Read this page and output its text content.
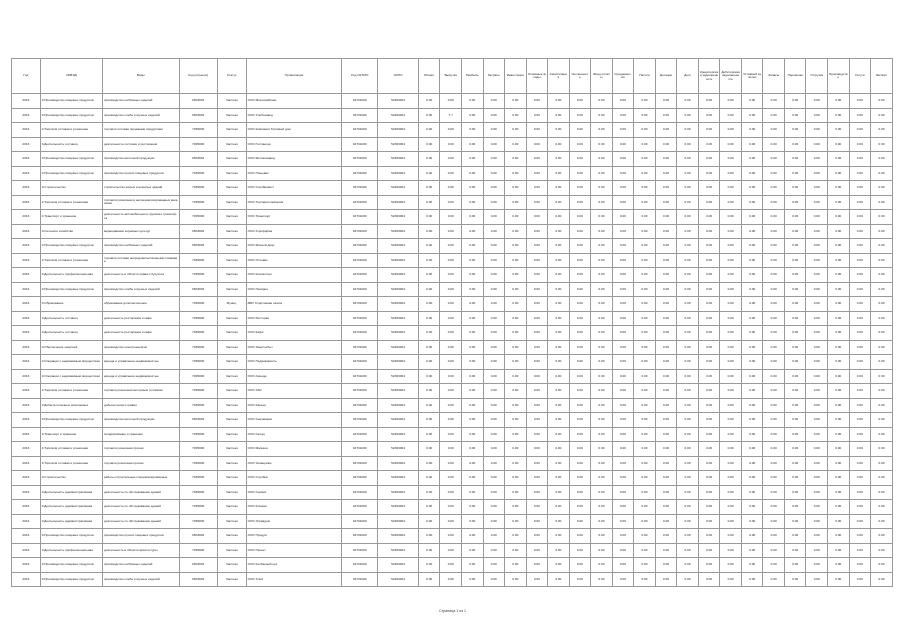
Год	ОКВЭД	Виды	Код (отрасли)	Статус	Организация	Код ОКТМО	ОКПО	Оборот	Выручка	Прибыль	Затраты	Инвестиции	Основные фонды	Амортизация	Численность	Фонд оплаты	Среднемес. з/п	Налоги	Дотации	Долг	Кредиторская задолженность	Дебиторская задолженность	Уставный капитал	Запасы	Перевозки	Отгрузка	Производство	Услуги	Экспорт
2016	0.Производство пищевых продуктов	производство колбасных изделий	0503002	Частная	ООО Мясокомбинат	04701000	52303004	0.00	0.00	0.00	0.00	0.00	0.00	0.00	0.00	0.00	0.00	0.00	0.00	0.00	0.00	0.00	0.00	0.00	0.00	0.00	0.00	0.00	0.00
2016	0.Производство пищевых продуктов	производство хлеба и мучных изделий	0503002	Частная	ООО Хлебозавод	04701000	52303004	0.00	7.7	0.00	0.00	0.00	0.00	0.00	0.00	0.00	0.00	0.00	0.00	0.00	0.00	0.00	0.00	0.00	0.00	0.00	0.00	0.00	0.00
2016	0.Торговля оптовая и розничная	торговля оптовая пищевыми продуктами	7035000	Частная	ООО Компания Торговый дом	04701000	52303004	0.00	0.00	0.00	0.00	0.00	0.00	0.00	0.00	0.00	0.00	0.00	0.00	0.00	0.00	0.00	0.00	0.00	0.00	0.00	0.00	0.00	0.00
2016	0.Деятельность гостиниц	деятельность гостиниц и ресторанов	7035000	Частная	ООО Гостиница	04701000	52303004	0.00	0.00	0.00	0.00	0.00	0.00	0.00	0.00	0.00	0.00	0.00	0.00	0.00	0.00	0.00	0.00	0.00	0.00	0.00	0.00	0.00	0.00
2016	0.Производство пищевых продуктов	производство молочной продукции	0503002	Частная	ООО Молокозавод	04701000	52303004	0.00	0.00	0.00	0.00	0.00	0.00	0.00	0.00	0.00	0.00	0.00	0.00	0.00	0.00	0.00	0.00	0.00	0.00	0.00	0.00	0.00	0.00
2016	0.Производство пищевых продуктов	производство прочих пищевых продуктов	7035000	Частная	ООО Пищевик	04701000	52303004	0.00	0.00	0.00	0.00	0.00	0.00	0.00	0.00	0.00	0.00	0.00	0.00	0.00	0.00	0.00	0.00	0.00	0.00	0.00	0.00	0.00	0.00
2016	0.Строительство	строительство жилых и нежилых зданий	7035000	Частная	ООО Стройинвест	04701000	52303004	0.00	0.00	0.00	0.00	0.00	0.00	0.00	0.00	0.00	0.00	0.00	0.00	0.00	0.00	0.00	0.00	0.00	0.00	0.00	0.00	0.00	0.00
2016	0.Торговля оптовая и розничная	торговля розничная в неспециализированных магазинах	7035000	Частная	ООО Торговая компания	04701000	52303004	0.00	0.00	0.00	0.00	0.00	0.00	0.00	0.00	0.00	0.00	0.00	0.00	0.00	0.00	0.00	0.00	0.00	0.00	0.00	0.00	0.00	0.00
2016	0.Транспорт и хранение	деятельность автомобильного грузового транспорта	7035000	Частная	ООО Транспорт	04701000	52303004	0.00	0.00	0.00	0.00	0.00	0.00	0.00	0.00	0.00	0.00	0.00	0.00	0.00	0.00	0.00	0.00	0.00	0.00	0.00	0.00	0.00	0.00
2016	0.Сельское хозяйство	выращивание зерновых культур	0503002	Частная	ООО Агрофирма	04701000	52303004	0.00	0.00	0.00	0.00	0.00	0.00	0.00	0.00	0.00	0.00	0.00	0.00	0.00	0.00	0.00	0.00	0.00	0.00	0.00	0.00	0.00	0.00
2016	0.Производство пищевых продуктов	производство колбасных изделий	0503002	Частная	ООО Мясной двор	04701000	52303004	0.00	0.00	0.00	0.00	0.00	0.00	0.00	0.00	0.00	0.00	0.00	0.00	0.00	0.00	0.00	0.00	0.00	0.00	0.00	0.00	0.00	0.00
2016	0.Торговля оптовая и розничная	торговля оптовая непродовольственными товарами	7035000	Частная	ООО Оптовик	04701000	52303004	0.00	0.00	0.00	0.00	0.00	0.00	0.00	0.00	0.00	0.00	0.00	0.00	0.00	0.00	0.00	0.00	0.00	0.00	0.00	0.00	0.00	0.00
2016	0.Деятельность профессиональная	деятельность в области права и бухучета	7035000	Частная	ООО Консалтинг	04701000	52303004	0.00	0.00	0.00	0.00	0.00	0.00	0.00	0.00	0.00	0.00	0.00	0.00	0.00	0.00	0.00	0.00	0.00	0.00	0.00	0.00	0.00	0.00
2016	0.Производство пищевых продуктов	производство хлеба и мучных изделий	0503002	Частная	ООО Пекарня	04701000	52303004	0.00	0.00	0.00	0.00	0.00	0.00	0.00	0.00	0.00	0.00	0.00	0.00	0.00	0.00	0.00	0.00	0.00	0.00	0.00	0.00	0.00	0.00
2016	0.Образование	образование дополнительное	7035000	Муниц.	МБУ Спортивная школа	04701000	52303004	0.00	0.00	0.00	0.00	0.00	0.00	0.00	0.00	0.00	0.00	0.00	0.00	0.00	0.00	0.00	0.00	0.00	0.00	0.00	0.00	0.00	0.00
2016	0.Деятельность гостиниц	деятельность ресторанов и кафе	7035000	Частная	ООО Ресторан	04701000	52303004	0.00	0.00	0.00	0.00	0.00	0.00	0.00	0.00	0.00	0.00	0.00	0.00	0.00	0.00	0.00	0.00	0.00	0.00	0.00	0.00	0.00	0.00
2016	0.Деятельность гостиниц	деятельность ресторанов и кафе	7035000	Частная	ООО Кафе	04701000	52303004	0.00	0.00	0.00	0.00	0.00	0.00	0.00	0.00	0.00	0.00	0.00	0.00	0.00	0.00	0.00	0.00	0.00	0.00	0.00	0.00	0.00	0.00
2016	0.Обеспечение энергией	производство электроэнергии	7035000	Частная	ООО Энергосбыт	04701000	52303004	0.00	0.00	0.00	0.00	0.00	0.00	0.00	0.00	0.00	0.00	0.00	0.00	0.00	0.00	0.00	0.00	0.00	0.00	0.00	0.00	0.00	0.00
2016	0.Операции с недвижимым имуществом	аренда и управление недвижимостью	7035000	Частная	ООО Недвижимость	04701000	52303004	0.00	0.00	0.00	0.00	0.00	0.00	0.00	0.00	0.00	0.00	0.00	0.00	0.00	0.00	0.00	0.00	0.00	0.00	0.00	0.00	0.00	0.00
2016	0.Операции с недвижимым имуществом	аренда и управление недвижимостью	7035000	Частная	ООО Аренда	04701000	52303004	0.00	0.00	0.00	0.00	0.00	0.00	0.00	0.00	0.00	0.00	0.00	0.00	0.00	0.00	0.00	0.00	0.00	0.00	0.00	0.00	0.00	0.00
2016	0.Торговля оптовая и розничная	торговля розничная моторным топливом	7035000	Частная	ООО АЗС	04701000	52303004	0.00	0.00	0.00	0.00	0.00	0.00	0.00	0.00	0.00	0.00	0.00	0.00	0.00	0.00	0.00	0.00	0.00	0.00	0.00	0.00	0.00	0.00
2016	0.Добыча полезных ископаемых	добыча песка и гравия	7035000	Частная	ООО Карьер	04701000	52303004	0.00	0.00	0.00	0.00	0.00	0.00	0.00	0.00	0.00	0.00	0.00	0.00	0.00	0.00	0.00	0.00	0.00	0.00	0.00	0.00	0.00	0.00
2016	0.Производство пищевых продуктов	производство молочной продукции	0503002	Частная	ООО Сыроварня	04701000	52303004	0.00	0.00	0.00	0.00	0.00	0.00	0.00	0.00	0.00	0.00	0.00	0.00	0.00	0.00	0.00	0.00	0.00	0.00	0.00	0.00	0.00	0.00
2016	0.Транспорт и хранение	складирование и хранение	7035000	Частная	ООО Склад	04701000	52303004	0.00	0.00	0.00	0.00	0.00	0.00	0.00	0.00	0.00	0.00	0.00	0.00	0.00	0.00	0.00	0.00	0.00	0.00	0.00	0.00	0.00	0.00
2016	0.Торговля оптовая и розничная	торговля розничная прочая	7035000	Частная	ООО Магазин	04701000	52303004	0.00	0.00	0.00	0.00	0.00	0.00	0.00	0.00	0.00	0.00	0.00	0.00	0.00	0.00	0.00	0.00	0.00	0.00	0.00	0.00	0.00	0.00
2016	0.Торговля оптовая и розничная	торговля розничная прочая	7035000	Частная	ООО Универсам	04701000	52303004	0.00	0.00	0.00	0.00	0.00	0.00	0.00	0.00	0.00	0.00	0.00	0.00	0.00	0.00	0.00	0.00	0.00	0.00	0.00	0.00	0.00	0.00
2016	0.Строительство	работы строительные специализированные	7035000	Частная	ООО Стройка	04701000	52303004	0.00	0.00	0.00	0.00	0.00	0.00	0.00	0.00	0.00	0.00	0.00	0.00	0.00	0.00	0.00	0.00	0.00	0.00	0.00	0.00	0.00	0.00
2016	0.Деятельность административная	деятельность по обслуживанию зданий	7035000	Частная	ООО Сервис	04701000	52303004	0.00	0.00	0.00	0.00	0.00	0.00	0.00	0.00	0.00	0.00	0.00	0.00	0.00	0.00	0.00	0.00	0.00	0.00	0.00	0.00	0.00	0.00
2016	0.Деятельность административная	деятельность по обслуживанию зданий	7035000	Частная	ООО Клининг	04701000	52303004	0.00	0.00	0.00	0.00	0.00	0.00	0.00	0.00	0.00	0.00	0.00	0.00	0.00	0.00	0.00	0.00	0.00	0.00	0.00	0.00	0.00	0.00
2016	0.Деятельность административная	деятельность по обслуживанию зданий	7035000	Частная	ООО Управдом	04701000	52303004	0.00	0.00	0.00	0.00	0.00	0.00	0.00	0.00	0.00	0.00	0.00	0.00	0.00	0.00	0.00	0.00	0.00	0.00	0.00	0.00	0.00	0.00
2016	0.Производство пищевых продуктов	производство прочих пищевых продуктов	0503002	Частная	ООО Продукт	04701000	52303004	0.00	0.00	0.00	0.00	0.00	0.00	0.00	0.00	0.00	0.00	0.00	0.00	0.00	0.00	0.00	0.00	0.00	0.00	0.00	0.00	0.00	0.00
2016	0.Деятельность профессиональная	деятельность в области архитектуры	7035000	Частная	ООО Проект	04701000	52303004	0.00	0.00	0.00	0.00	0.00	0.00	0.00	0.00	0.00	0.00	0.00	0.00	0.00	0.00	0.00	0.00	0.00	0.00	0.00	0.00	0.00	0.00
2016	0.Производство пищевых продуктов	производство колбасных изделий	0503002	Частная	ООО Колбасный цех	04701000	52303004	0.00	0.00	0.00	0.00	0.00	0.00	0.00	0.00	0.00	0.00	0.00	0.00	0.00	0.00	0.00	0.00	0.00	0.00	0.00	0.00	0.00	0.00
2016	0.Производство пищевых продуктов	производство хлеба и мучных изделий	0503002	Частная	ООО Хлеб	04701000	52303004	0.00	0.00	0.00	0.00	0.00	0.00	0.00	0.00	0.00	0.00	0.00	0.00	0.00	0.00	0.00	0.00	0.00	0.00	0.00	0.00	0.00	0.00
Страница 1 из 1
